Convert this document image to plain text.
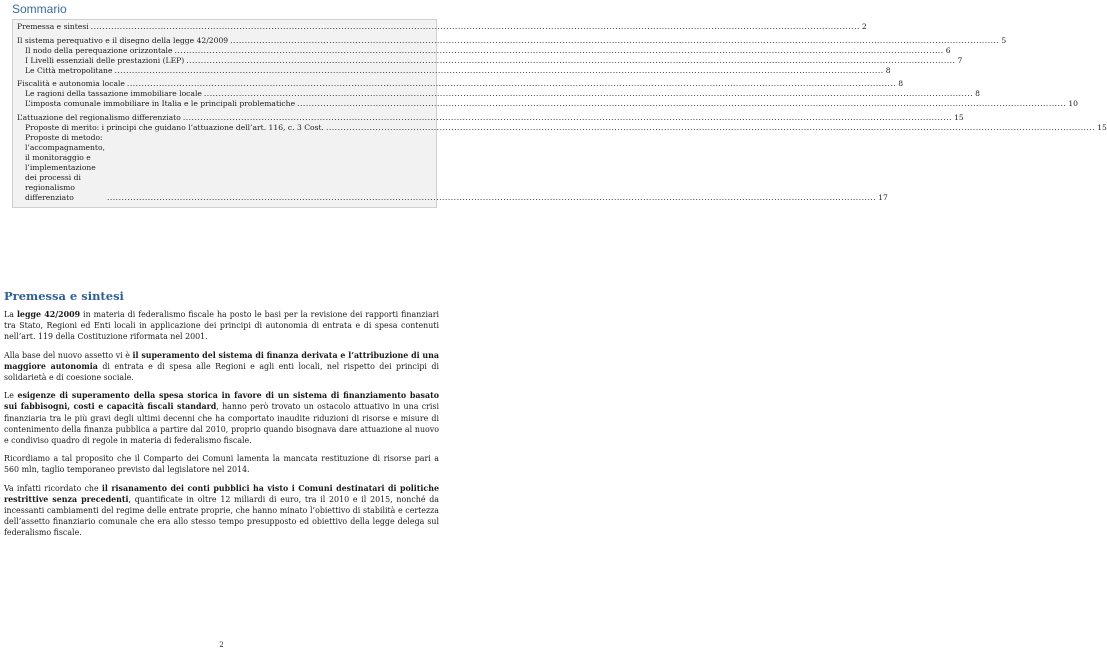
Sommario
Premessa e sintesi .....	2
Il sistema perequativo e il disegno della legge 42/2009 .....	5
Il nodo della perequazione orizzontale .....	6
I Livelli essenziali delle prestazioni (LEP) .....	7
Le Città metropolitane .....	8
Fiscalità e autonomia locale .....	8
Le ragioni della tassazione immobiliare locale .....	8
L’imposta comunale immobiliare in Italia e le principali problematiche .....	10
L’attuazione del regionalismo differenziato .....	15
Proposte di merito: i principi che guidano l’attuazione dell’art. 116, c. 3 Cost. .....	15
Proposte di metodo: l’accompagnamento, il monitoraggio e l’implementazione dei processi di regionalismo differenziato .....	17
Premessa e sintesi

La legge 42/2009 in materia di federalismo fiscale ha posto le basi per la revisione dei rapporti finanziari tra Stato, Regioni ed Enti locali in applicazione dei principi di autonomia di entrata e di spesa contenuti nell’art. 119 della Costituzione riformata nel 2001.

Alla base del nuovo assetto vi è il superamento del sistema di finanza derivata e l’attribuzione di una maggiore autonomia di entrata e di spesa alle Regioni e agli enti locali, nel rispetto dei principi di solidarietà e di coesione sociale.

Le esigenze di superamento della spesa storica in favore di un sistema di finanziamento basato sui fabbisogni, costi e capacità fiscali standard, hanno però trovato un ostacolo attuativo in una crisi finanziaria tra le più gravi degli ultimi decenni che ha comportato inaudite riduzioni di risorse e misure di contenimento della finanza pubblica a partire dal 2010, proprio quando bisognava dare attuazione al nuovo e condiviso quadro di regole in materia di federalismo fiscale.

Ricordiamo a tal proposito che il Comparto dei Comuni lamenta la mancata restituzione di risorse pari a 560 mln, taglio temporaneo previsto dal legislatore nel 2014.

Va infatti ricordato che il risanamento dei conti pubblici ha visto i Comuni destinatari di politiche restrittive senza precedenti, quantificate in oltre 12 miliardi di euro, tra il 2010 e il 2015, nonché da incessanti cambiamenti del regime delle entrate proprie, che hanno minato l’obiettivo di stabilità e certezza dell’assetto finanziario comunale che era allo stesso tempo presupposto ed obiettivo della legge delega sul federalismo fiscale.

2
